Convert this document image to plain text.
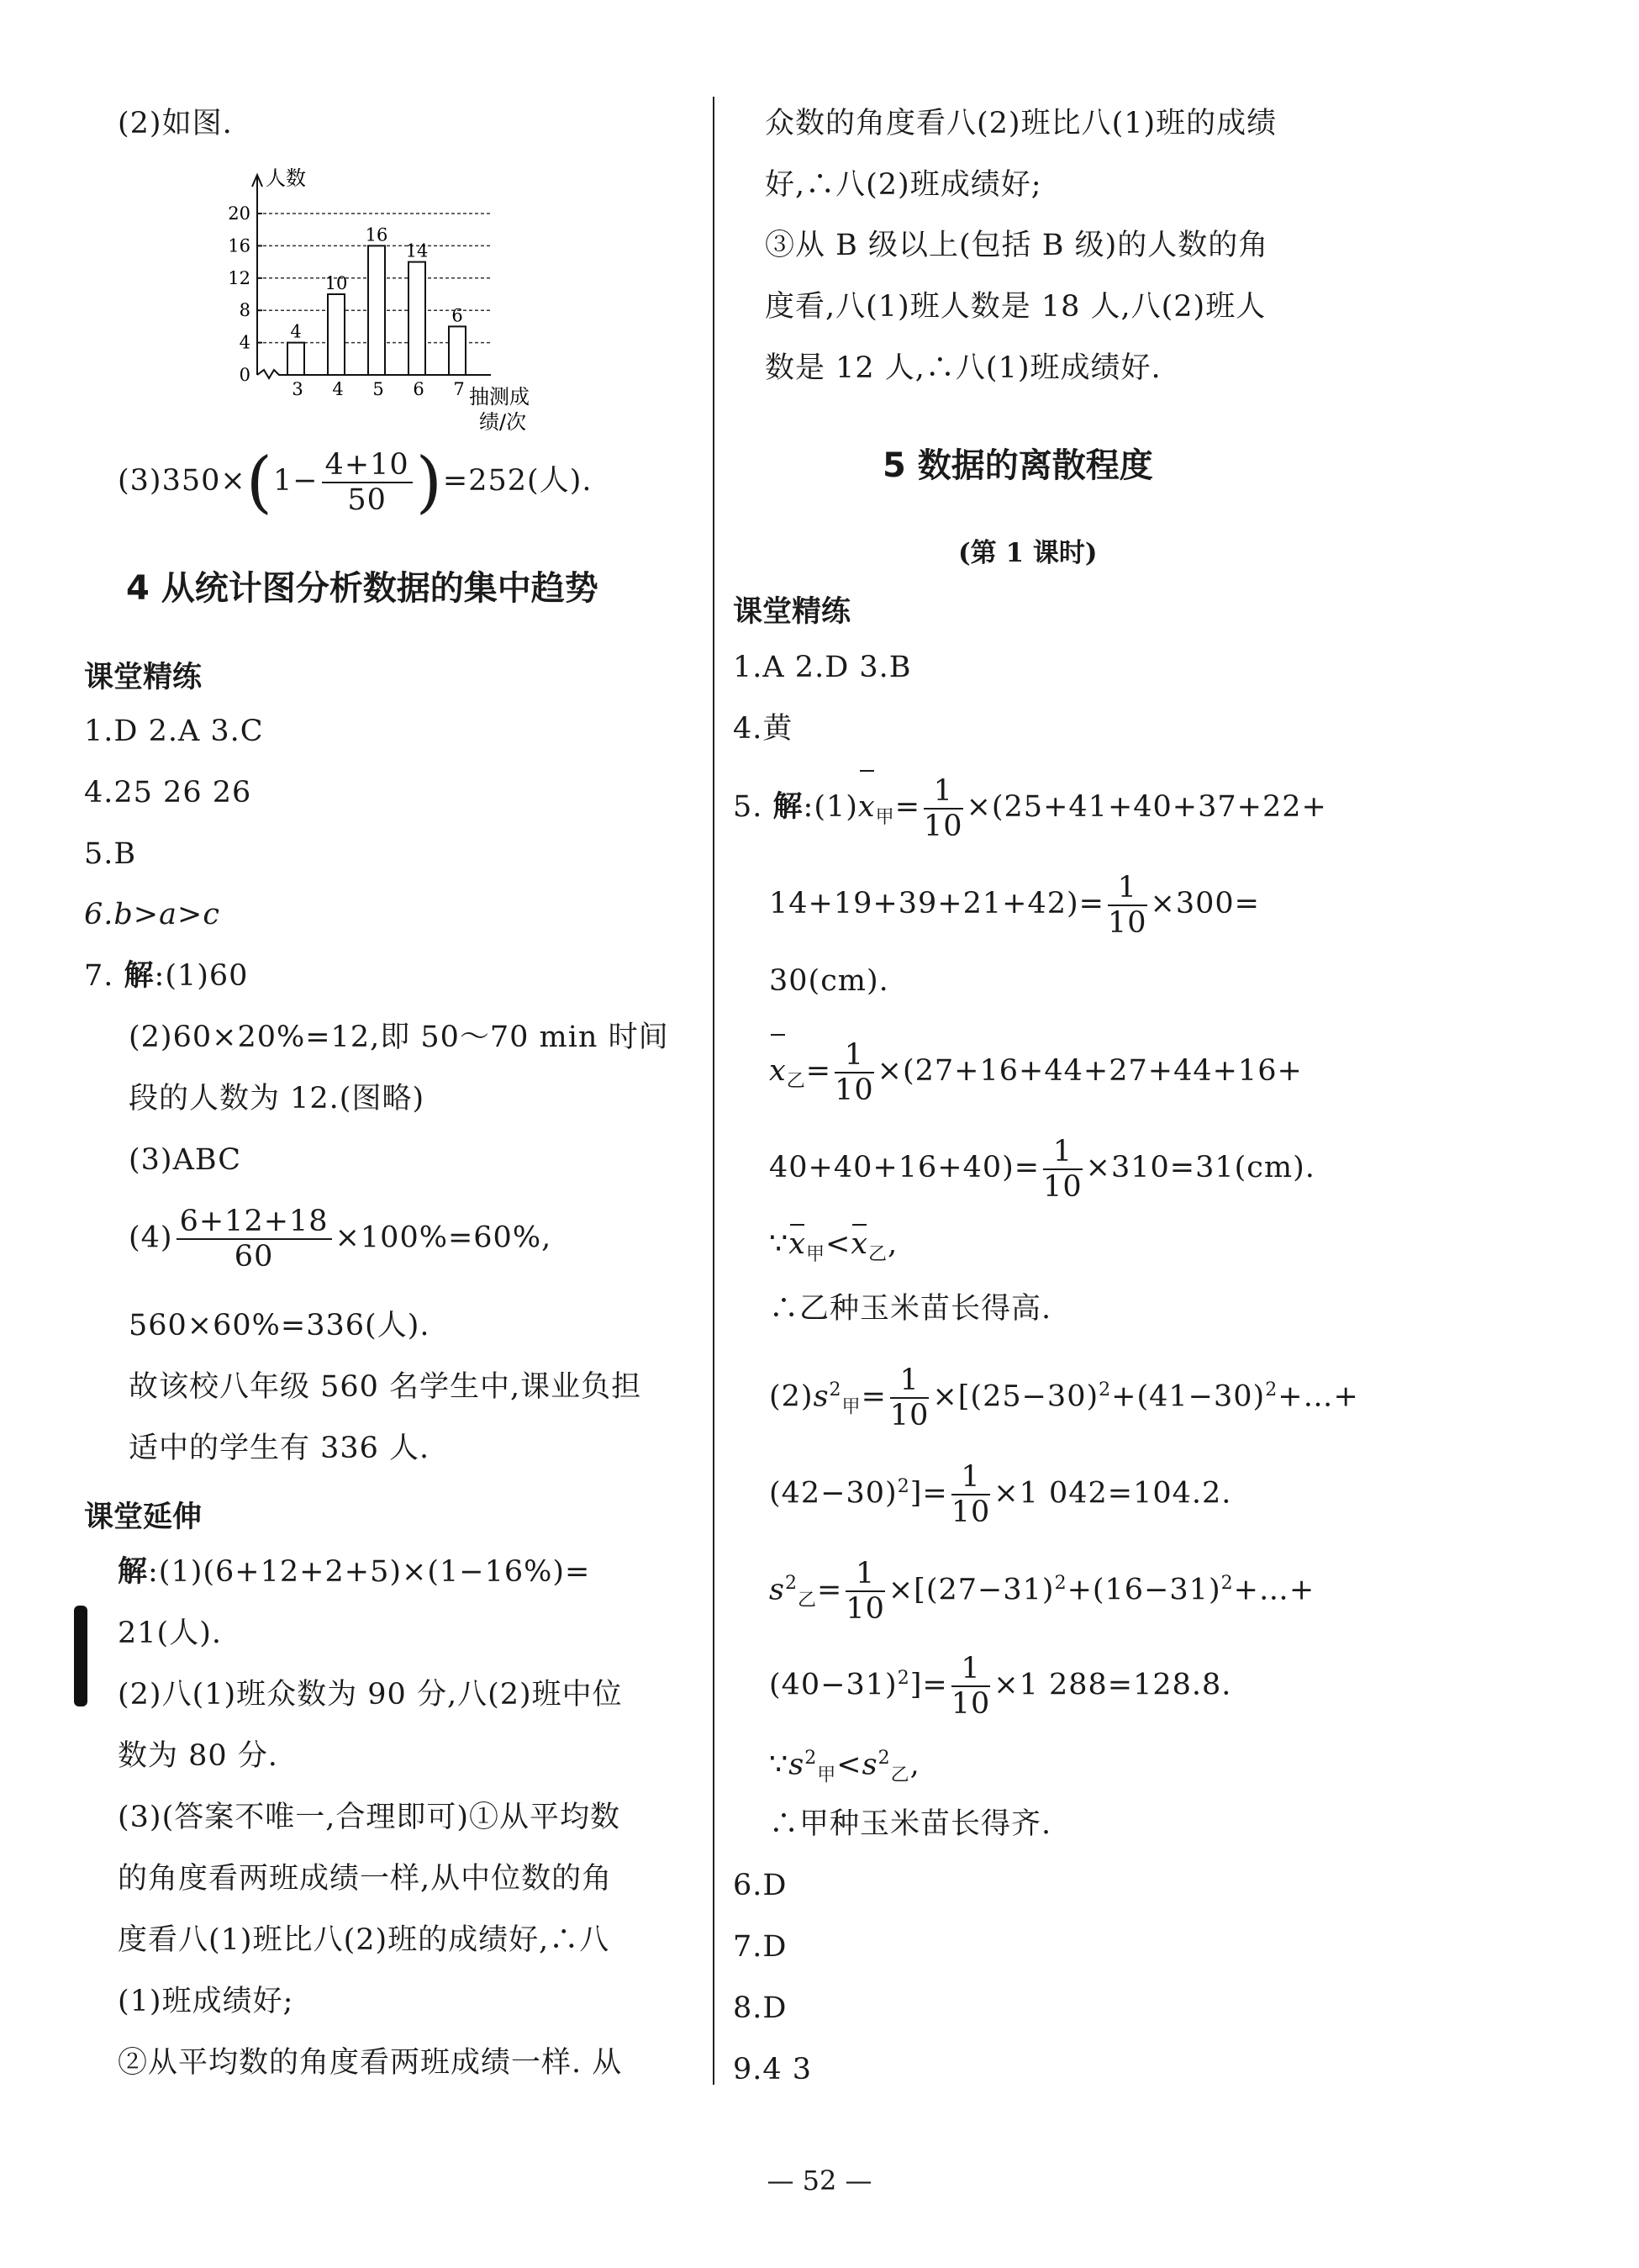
(2)如图.
4
10
16
14
6
0
4
8
12
16
20
3 4 5 6 7
人数
抽测成
绩/次
$(3)350\times(1- \frac{4+10}{50} )=252$(人).
4 从统计图分析数据的集中趋势
课堂精练
1.D 2.A 3.C
4.25 26 26
5.B
6.b>a>c
7. 解:(1)60
(2)60×20%=12,即 50～70 min 时间
段的人数为 12.(图略)
(3)ABC
$(4) \frac{6+12+18}{60} \times 100\%=60\%$,
560×60%=336(人).
故该校八年级 560 名学生中,课业负担
适中的学生有 336 人.
课堂延伸
解:(1)(6+12+2+5)×(1−16%)=
21(人).
(2)八(1)班众数为 90 分,八(2)班中位
数为 80 分.
(3)(答案不唯一,合理即可)①从平均数
的角度看两班成绩一样,从中位数的角
度看八(1)班比八(2)班的成绩好,∴八
(1)班成绩好;
②从平均数的角度看两班成绩一样. 从
众数的角度看八(2)班比八(1)班的成绩
好,∴八(2)班成绩好;
③从 B 级以上(包括 B 级)的人数的角
度看,八(1)班人数是 18 人,八(2)班人
数是 12 人,∴八(1)班成绩好.
5 数据的离散程度
(第 1 课时)
课堂精练
1.A 2.D 3.B
4.黄
5. 解$:(1)x_甲= \frac{1}{10} \times(25+41+40+37+22+$
$14+19+39+21+42)= \frac{1}{10} \times 300=$
30(cm).
$x_乙= \frac{1}{10} \times(27+16+44+27+44+16+$
$40+40+16+40)= \frac{1}{10} \times 310=31(cm)$.
$\because x_甲<x_乙$,
∴乙种玉米苗长得高.
$(2)s^2_甲= \frac{1}{10}$ $\times[(25-30)^2+(41-30)^2+\dots+$
$(42-30)^2]= \frac{1}{10} \times 1$ 042=104.2.
$s^2_乙= \frac{1}{10}$ $\times[(27-31)^2+(16-31)^2+\dots+$
$(40-31)^2]= \frac{1}{10} \times 1$ 288=128.8.
$\because s^2_甲<s^2_乙$,
∴甲种玉米苗长得齐.
6.D
7.D
8.D
9.4 3
— 52 —
